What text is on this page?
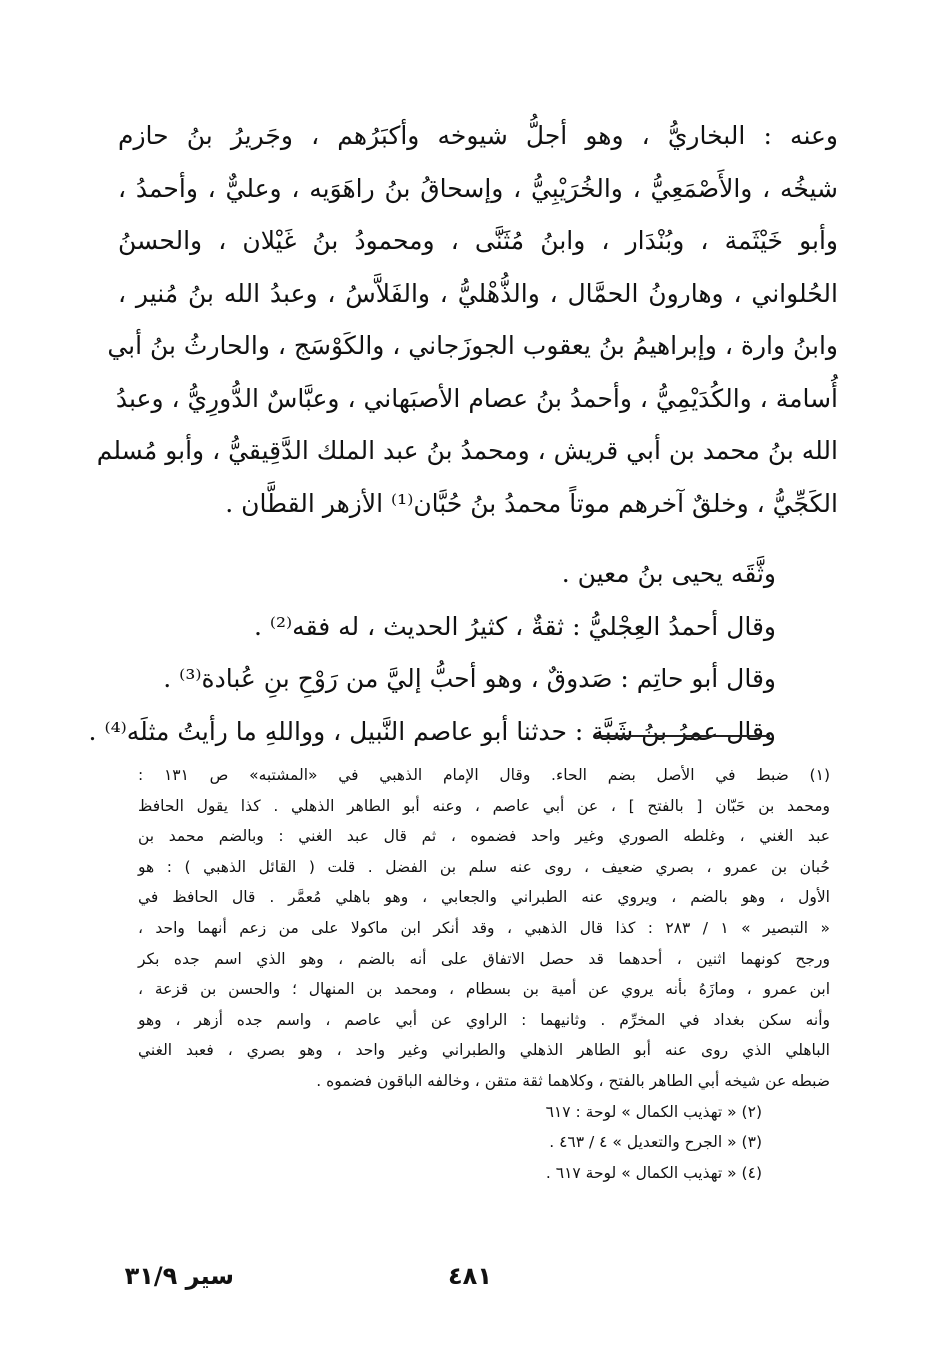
وعنه : البخاريُّ ، وهو أجلُّ شيوخه وأكبَرُهم ، وجَريرُ بنُ حازم
شيخُه ، والأَصْمَعِيُّ ، والخُرَيْبِيُّ ، وإسحاقُ بنُ راهَوَيه ، وعليٌّ ، وأحمدُ ،
وأبو خَيْثَمة ، وبُنْدَار ، وابنُ مُثَنَّى ، ومحمودُ بنُ غَيْلان ، والحسنُ
الحُلواني ، وهارونُ الحمَّال ، والذُّهْليُّ ، والفَلاَّسُ ، وعبدُ الله بنُ مُنير ،
وابنُ وارة ، وإبراهيمُ بنُ يعقوب الجوزَجاني ، والكَوْسَج ، والحارثُ بنُ أبي
أُسامة ، والكُدَيْمِيُّ ، وأحمدُ بنُ عصام الأصبَهاني ، وعبَّاسٌ الدُّورِيُّ ، وعبدُ
الله بنُ محمد بن أبي قريش ، ومحمدُ بنُ عبد الملك الدَّقِيقيُّ ، وأبو مُسلم
الكَجِّيُّ ، وخلقٌ آخرهم موتاً محمدُ بنُ حُبَّان⁽¹⁾ الأزهر القطَّان .
وثَّقَه يحيى بنُ معين .
وقال أحمدُ العِجْليُّ : ثقةٌ ، كثيرُ الحديث ، له فقه⁽²⁾ .
وقال أبو حاتِم : صَدوقٌ ، وهو أحبُّ إليَّ من رَوْحِ بنِ عُبادة⁽³⁾ .
وقال عمرُ بنُ شَبَّة : حدثنا أبو عاصم النَّبيل ، وواللهِ ما رأيتُ مثلَه⁽⁴⁾ .
(١) ضبط في الأصل بضم الحاء. وقال الإمام الذهبي في «المشتبه» ص ١٣١ :
ومحمد بن حَبّان [ بالفتح ] ، عن أبي عاصم ، وعنه أبو الطاهر الذهلي . كذا يقول الحافظ
عبد الغني ، وغلطه الصوري وغير واحد فضموه ، ثم قال عبد الغني : وبالضم محمد بن
حُبان بن عمرو ، بصري ضعيف ، روى عنه سلم بن الفضل . قلت ( القائل الذهبي ) : هو
الأول ، وهو بالضم ، ويروي عنه الطبراني والجعابي ، وهو باهلي مُعمَّر . قال الحافظ في
« التبصير » ١ / ٢٨٣ : كذا قال الذهبي ، وقد أنكر ابن ماكولا على من زعم أنهما واحد ،
ورجح كونهما اثنين ، أحدهما قد حصل الاتفاق على أنه بالضم ، وهو الذي اسم جده بكر
ابن عمرو ، ومازَهُ بأنه يروي عن أمية بن بسطام ، ومحمد بن المنهال ؛ والحسن بن قزعة ،
وأنه سكن بغداد في المخرِّم . وثانيهما : الراوي عن أبي عاصم ، واسم جده أزهر ، وهو
الباهلي الذي روى عنه أبو الطاهر الذهلي والطبراني وغير واحد ، وهو بصري ، فعبد الغني
ضبطه عن شيخه أبي الطاهر بالفتح ، وكلاهما ثقة متقن ، وخالفه الباقون فضموه .
(٢) « تهذيب الكمال » لوحة : ٦١٧
(٣) « الجرح والتعديل » ٤ / ٤٦٣ .
(٤) « تهذيب الكمال » لوحة ٦١٧ .
سير ٣١/٩	٤٨١
